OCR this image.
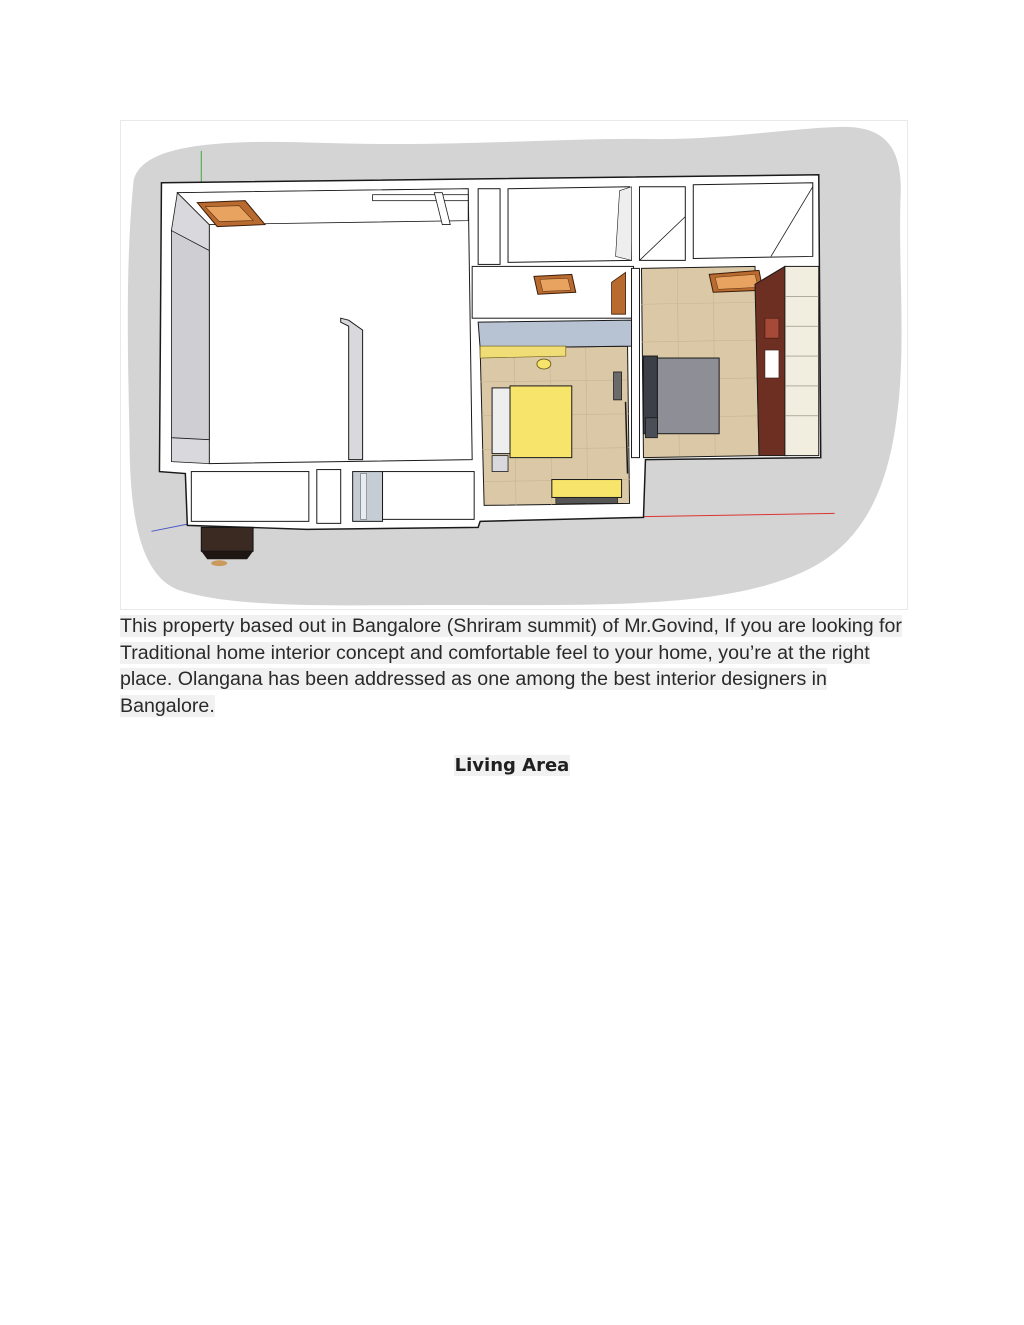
This property based out in Bangalore (Shriram summit) of Mr.Govind, If you are looking for Traditional home interior concept and comfortable feel to your home, you’re at the right place. Olangana has been addressed as one among the best interior designers in Bangalore.

Living Area
